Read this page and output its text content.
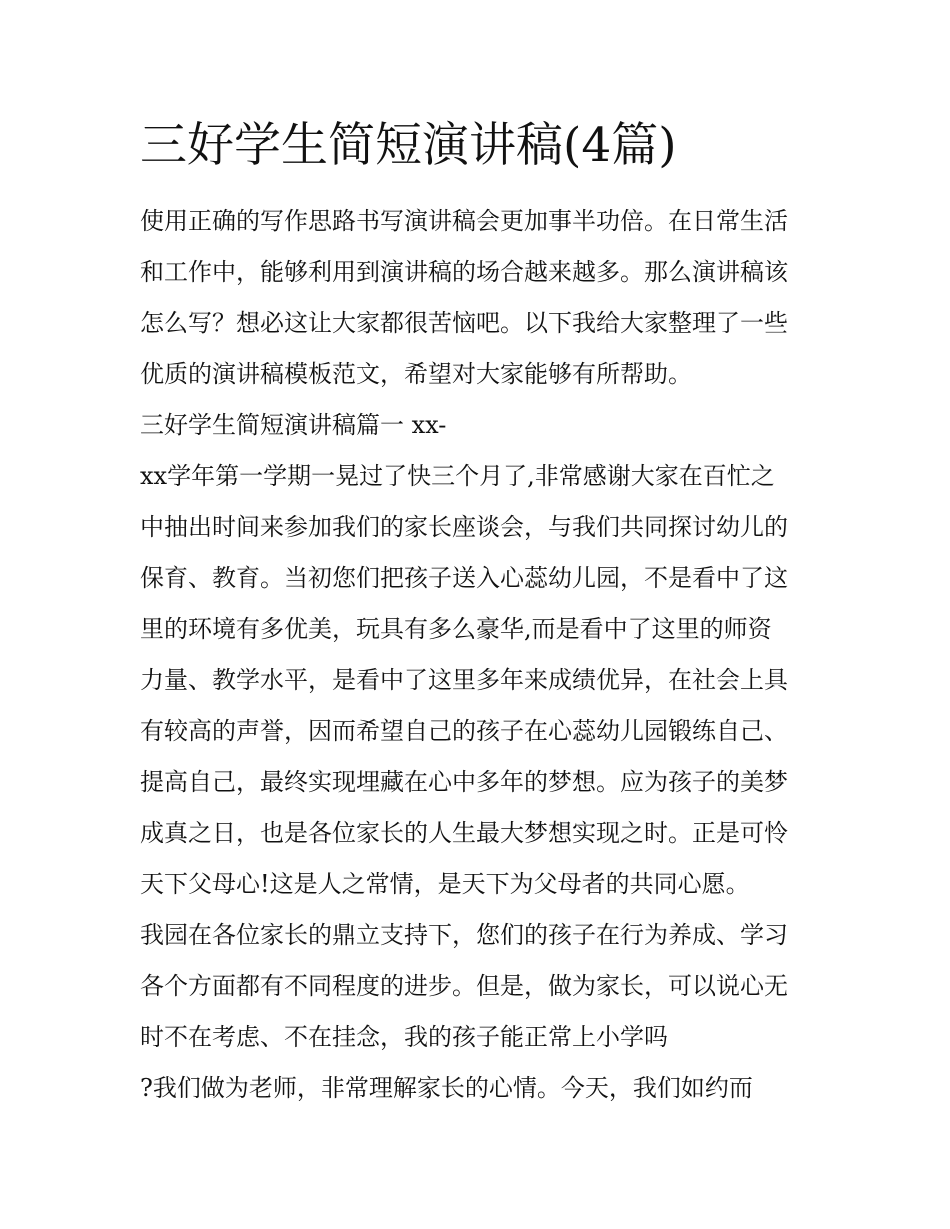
三好学生简短演讲稿(4篇)
使用正确的写作思路书写演讲稿会更加事半功倍。在日常生活
和工作中，能够利用到演讲稿的场合越来越多。那么演讲稿该
怎么写？想必这让大家都很苦恼吧。以下我给大家整理了一些
优质的演讲稿模板范文，希望对大家能够有所帮助。
三好学生简短演讲稿篇一 xx-
xx学年第一学期一晃过了快三个月了,非常感谢大家在百忙之
中抽出时间来参加我们的家长座谈会，与我们共同探讨幼儿的
保育、教育。当初您们把孩子送入心蕊幼儿园，不是看中了这
里的环境有多优美，玩具有多么豪华,而是看中了这里的师资
力量、教学水平，是看中了这里多年来成绩优异，在社会上具
有较高的声誉，因而希望自己的孩子在心蕊幼儿园锻练自己、
提高自己，最终实现埋藏在心中多年的梦想。应为孩子的美梦
成真之日，也是各位家长的人生最大梦想实现之时。正是可怜
天下父母心!这是人之常情，是天下为父母者的共同心愿。
我园在各位家长的鼎立支持下，您们的孩子在行为养成、学习
各个方面都有不同程度的进步。但是，做为家长，可以说心无
时不在考虑、不在挂念，我的孩子能正常上小学吗
?我们做为老师，非常理解家长的心情。今天，我们如约而
